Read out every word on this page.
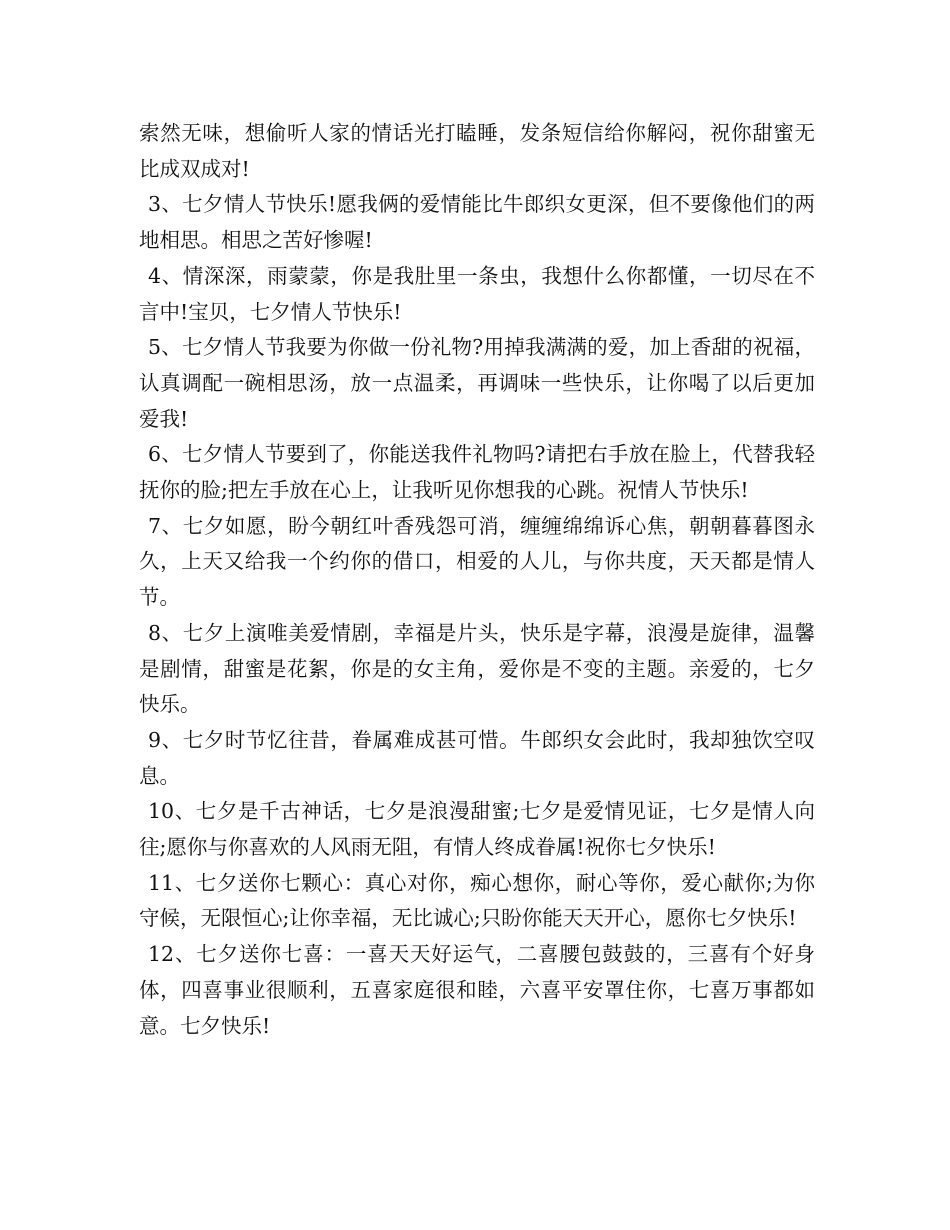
索然无味，想偷听人家的情话光打瞌睡，发条短信给你解闷，祝你甜蜜无比成双成对!

3、七夕情人节快乐!愿我俩的爱情能比牛郎织女更深，但不要像他们的两地相思。相思之苦好惨喔!

4、情深深，雨蒙蒙，你是我肚里一条虫，我想什么你都懂，一切尽在不言中!宝贝，七夕情人节快乐!

5、七夕情人节我要为你做一份礼物?用掉我满满的爱，加上香甜的祝福，认真调配一碗相思汤，放一点温柔，再调味一些快乐，让你喝了以后更加爱我!

6、七夕情人节要到了，你能送我件礼物吗?请把右手放在脸上，代替我轻抚你的脸;把左手放在心上，让我听见你想我的心跳。祝情人节快乐!

7、七夕如愿，盼今朝红叶香残怨可消，缠缠绵绵诉心焦，朝朝暮暮图永久，上天又给我一个约你的借口，相爱的人儿，与你共度，天天都是情人节。

8、七夕上演唯美爱情剧，幸福是片头，快乐是字幕，浪漫是旋律，温馨是剧情，甜蜜是花絮，你是的女主角，爱你是不变的主题。亲爱的，七夕快乐。

9、七夕时节忆往昔，眷属难成甚可惜。牛郎织女会此时，我却独饮空叹息。

10、七夕是千古神话，七夕是浪漫甜蜜;七夕是爱情见证，七夕是情人向往;愿你与你喜欢的人风雨无阻，有情人终成眷属!祝你七夕快乐!

11、七夕送你七颗心：真心对你，痴心想你，耐心等你，爱心献你;为你守候，无限恒心;让你幸福，无比诚心;只盼你能天天开心，愿你七夕快乐!

12、七夕送你七喜：一喜天天好运气，二喜腰包鼓鼓的，三喜有个好身体，四喜事业很顺利，五喜家庭很和睦，六喜平安罩住你，七喜万事都如意。七夕快乐!
